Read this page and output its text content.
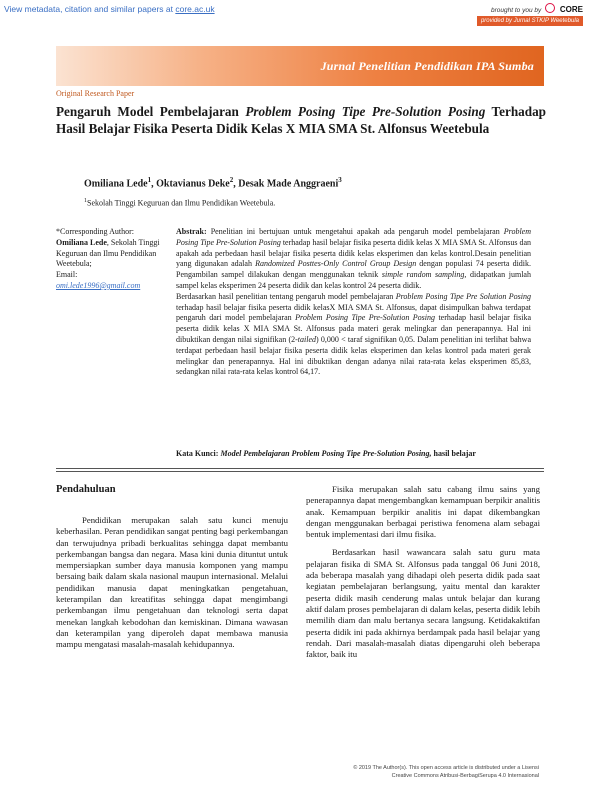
View metadata, citation and similar papers at core.ac.uk	brought to you by CORE
provided by Jurnal STKIP Weetebula
Jurnal Penelitian Pendidikan IPA Sumba
Original Research Paper
Pengaruh Model Pembelajaran Problem Posing Tipe Pre-Solution Posing Terhadap Hasil Belajar Fisika Peserta Didik Kelas X MIA SMA St. Alfonsus Weetebula
Omiliana Lede$^1$, Oktavianus Deke$^2$, Desak Made Anggraeni$^3$
$^1$Sekolah Tinggi Keguruan dan Ilmu Pendidikan Weetebula.
*Corresponding Author:
Omiliana Lede, Sekolah Tinggi Keguruan dan Ilmu Pendidikan Weetebula;
Email:
omi.lede1996@gmail.com

Abstrak: Penelitian ini bertujuan untuk mengetahui apakah ada pengaruh model pembelajaran Problem Posing Tipe Pre-Solution Posing terhadap hasil belajar fisika peserta didik kelas X MIA SMA St. Alfonsus dan apakah ada perbedaan hasil belajar fisika peserta didik kelas eksperimen dan kelas kontrol.Desain penelitian yang digunakan adalah Randomized Posttes-Only Control Group Design dengan populasi 74 peserta didik. Pengambilan sampel dilakukan dengan menggunakan teknik simple random sampling, didapatkan jumlah sampel kelas eksperimen 24 peserta didik dan kelas kontrol 24 peserta didik.

Berdasarkan hasil penelitian tentang pengaruh model pembelajaran Problem Posing Tipe Pre Solution Posing terhadap hasil belajar fisika peserta didik kelasX MIA SMA St. Alfonsus, dapat disimpulkan bahwa terdapat pengaruh dari model pembelajaran Problem Posing Tipe Pre-Solution Posing terhadap hasil belajar fisika peserta didik kelas X MIA SMA St. Alfonsus pada materi gerak melingkar dan penerapannya. Hal ini dibuktikan dengan nilai signifikan (2-tailed) 0,000 < taraf signifikan 0,05. Dalam penelitian ini terlihat bahwa terdapat perbedaan hasil belajar fisika peserta didik kelas eksperimen dan kelas kontrol pada materi gerak melingkar dan penerapannya. Hal ini dibuktikan dengan adanya nilai rata-rata kelas eksperimen 85,83, sedangkan nilai rata-rata kelas kontrol 64,17.

Kata Kunci: Model Pembelajaran Problem Posing Tipe Pre-Solution Posing, hasil belajar
Pendahuluan

Pendidikan merupakan salah satu kunci menuju keberhasilan. Peran pendidikan sangat penting bagi perkembangan dan terwujudnya pribadi berkualitas sehingga dapat membantu perkembangan bangsa dan negara. Masa kini dunia dituntut untuk mempersiapkan sumber daya manusia komponen yang mampu bersaing baik dalam skala nasional maupun internasional. Melalui pendidikan manusia dapat meningkatkan pengetahuan, keterampilan dan kreatifitas sehingga dapat mengimbangi perkembangan ilmu pengetahuan dan teknologi serta dapat menekan langkah kebodohan dan kemiskinan. Dimana wawasan dan keterampilan yang diperoleh dapat membawa manusia mampu mengatasi masalah-masalah kehidupannya.

Fisika merupakan salah satu cabang ilmu sains yang penerapannya dapat mengembangkan kemampuan berpikir analitis anak. Kemampuan berpikir analitis ini dapat dikembangkan dengan menggunakan berbagai peristiwa fenomena alam sebagai bentuk implementasi dari ilmu fisika.

Berdasarkan hasil wawancara salah satu guru mata pelajaran fisika di SMA St. Alfonsus pada tanggal 06 Juni 2018, ada beberapa masalah yang dihadapi oleh peserta didik pada saat kegiatan pembelajaran berlangsung, yaitu mental dan karakter peserta didik masih cenderung malas untuk belajar dan kurang aktif dalam proses pembelajaran di dalam kelas, peserta didik lebih memilih diam dan malu bertanya secara langsung. Ketidakaktifan peserta didik ini pada akhirnya berdampak pada hasil belajar yang rendah. Dari masalah-masalah diatas dipengaruhi oleh beberapa faktor, baik itu

© 2019 The Author(s). This open access article is distributed under a Lisensi
Creative Commons Atribusi-BerbagiSerupa 4.0 Internasional
